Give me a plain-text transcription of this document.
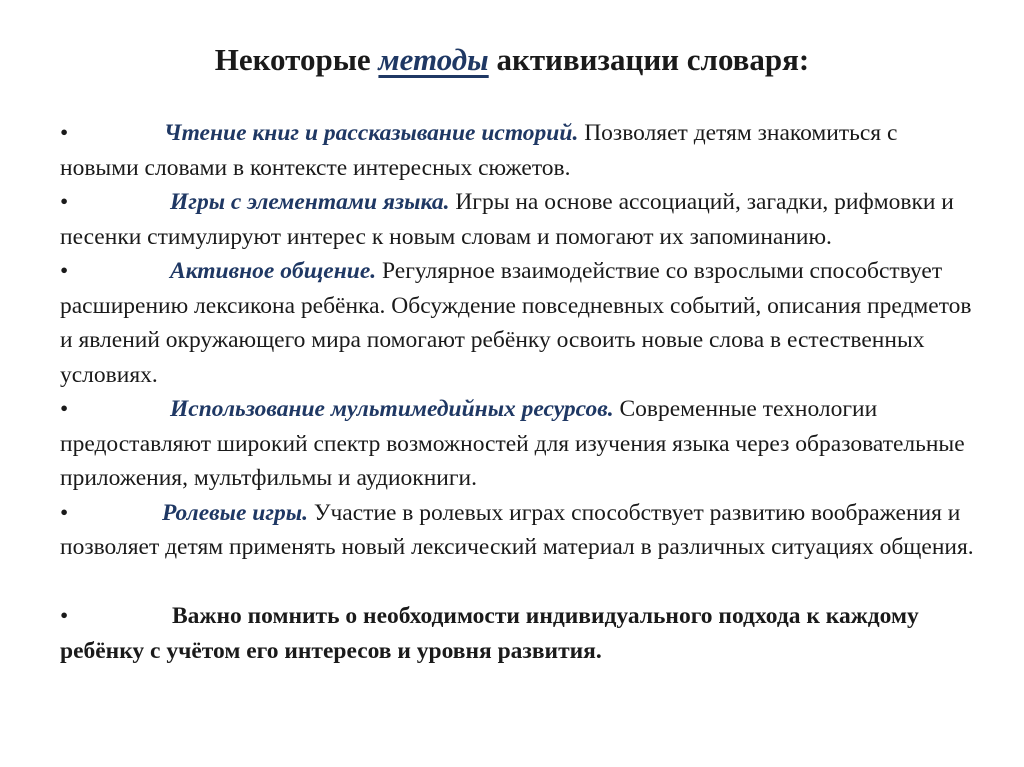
Некоторые методы активизации словаря:

•	Чтение книг и рассказывание историй. Позволяет детям знакомиться с новыми словами в контексте интересных сюжетов.

•	Игры с элементами языка. Игры на основе ассоциаций, загадки, рифмовки и песенки стимулируют интерес к новым словам и помогают их запоминанию.

•	Активное общение. Регулярное взаимодействие со взрослыми способствует расширению лексикона ребёнка. Обсуждение повседневных событий, описания предметов и явлений окружающего мира помогают ребёнку освоить новые слова в естественных условиях.

•	Использование мультимедийных ресурсов. Современные технологии предоставляют широкий спектр возможностей для изучения языка через образовательные приложения, мультфильмы и аудиокниги.

•	Ролевые игры. Участие в ролевых играх способствует развитию воображения и позволяет детям применять новый лексический материал в различных ситуациях общения.

•	Важно помнить о необходимости индивидуального подхода к каждому ребёнку с учётом его интересов и уровня развития.
